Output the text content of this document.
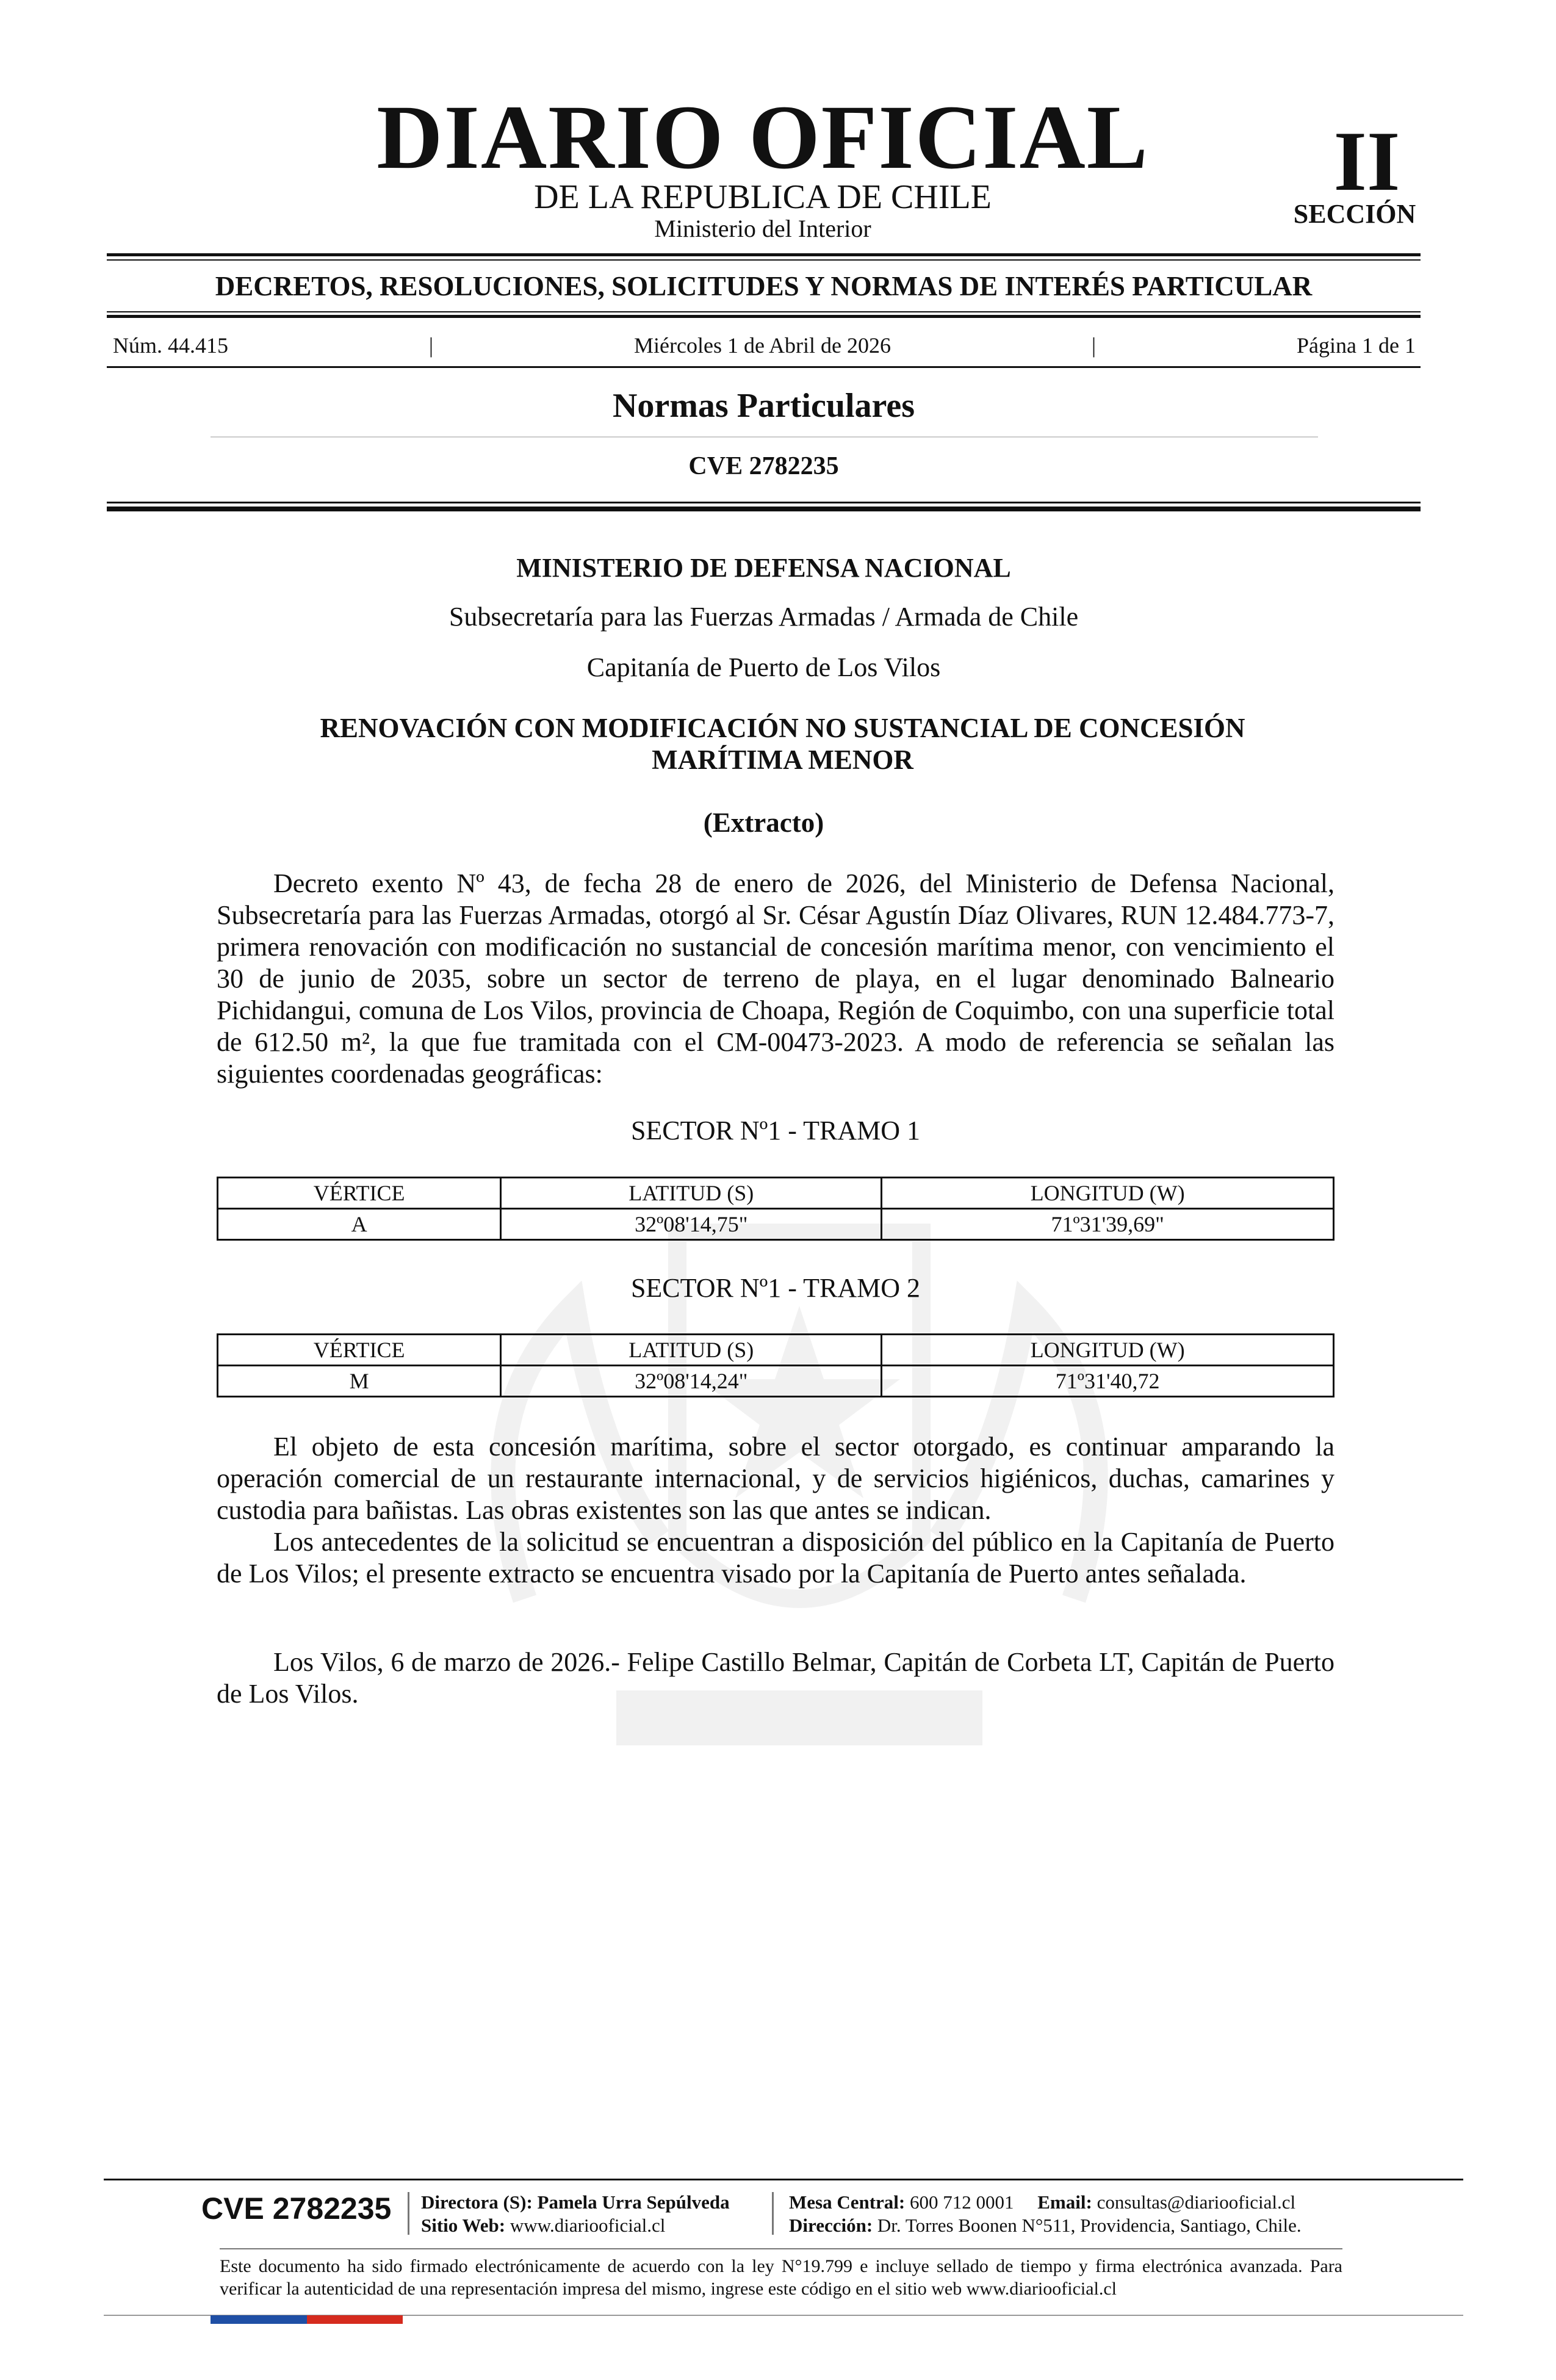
DIARIO OFICIAL
DE LA REPUBLICA DE CHILE
Ministerio del Interior
II
SECCIÓN
DECRETOS, RESOLUCIONES, SOLICITUDES Y NORMAS DE INTERÉS PARTICULAR
Núm. 44.415	|	Miércoles 1 de Abril de 2026	|	Página 1 de 1
Normas Particulares
CVE 2782235
MINISTERIO DE DEFENSA NACIONAL
Subsecretaría para las Fuerzas Armadas / Armada de Chile
Capitanía de Puerto de Los Vilos
RENOVACIÓN CON MODIFICACIÓN NO SUSTANCIAL DE CONCESIÓN
MARÍTIMA MENOR
(Extracto)

Decreto exento Nº 43, de fecha 28 de enero de 2026, del Ministerio de Defensa Nacional, Subsecretaría para las Fuerzas Armadas, otorgó al Sr. César Agustín Díaz Olivares, RUN 12.484.773-7, primera renovación con modificación no sustancial de concesión marítima menor, con vencimiento el 30 de junio de 2035, sobre un sector de terreno de playa, en el lugar denominado Balneario Pichidangui, comuna de Los Vilos, provincia de Choapa, Región de Coquimbo, con una superficie total de 612.50 m², la que fue tramitada con el CM-00473-2023. A modo de referencia se señalan las siguientes coordenadas geográficas:

SECTOR Nº1 - TRAMO 1
VÉRTICE	LATITUD (S)	LONGITUD (W)
A	32º08'14,75"	71º31'39,69"
SECTOR Nº1 - TRAMO 2
VÉRTICE	LATITUD (S)	LONGITUD (W)
M	32º08'14,24"	71º31'40,72

El objeto de esta concesión marítima, sobre el sector otorgado, es continuar amparando la operación comercial de un restaurante internacional, y de servicios higiénicos, duchas, camarines y custodia para bañistas. Las obras existentes son las que antes se indican.

Los antecedentes de la solicitud se encuentran a disposición del público en la Capitanía de Puerto de Los Vilos; el presente extracto se encuentra visado por la Capitanía de Puerto antes señalada.

Los Vilos, 6 de marzo de 2026.- Felipe Castillo Belmar, Capitán de Corbeta LT, Capitán de Puerto de Los Vilos.

CVE 2782235 Directora (S): Pamela Urra Sepúlveda
Sitio Web: www.diariooficial.cl
Mesa Central: 600 712 0001 Email: consultas@diariooficial.cl
Dirección: Dr. Torres Boonen N°511, Providencia, Santiago, Chile.
Este documento ha sido firmado electrónicamente de acuerdo con la ley N°19.799 e incluye sellado de tiempo y firma electrónica avanzada. Para verificar la autenticidad de una representación impresa del mismo, ingrese este código en el sitio web www.diariooficial.cl
